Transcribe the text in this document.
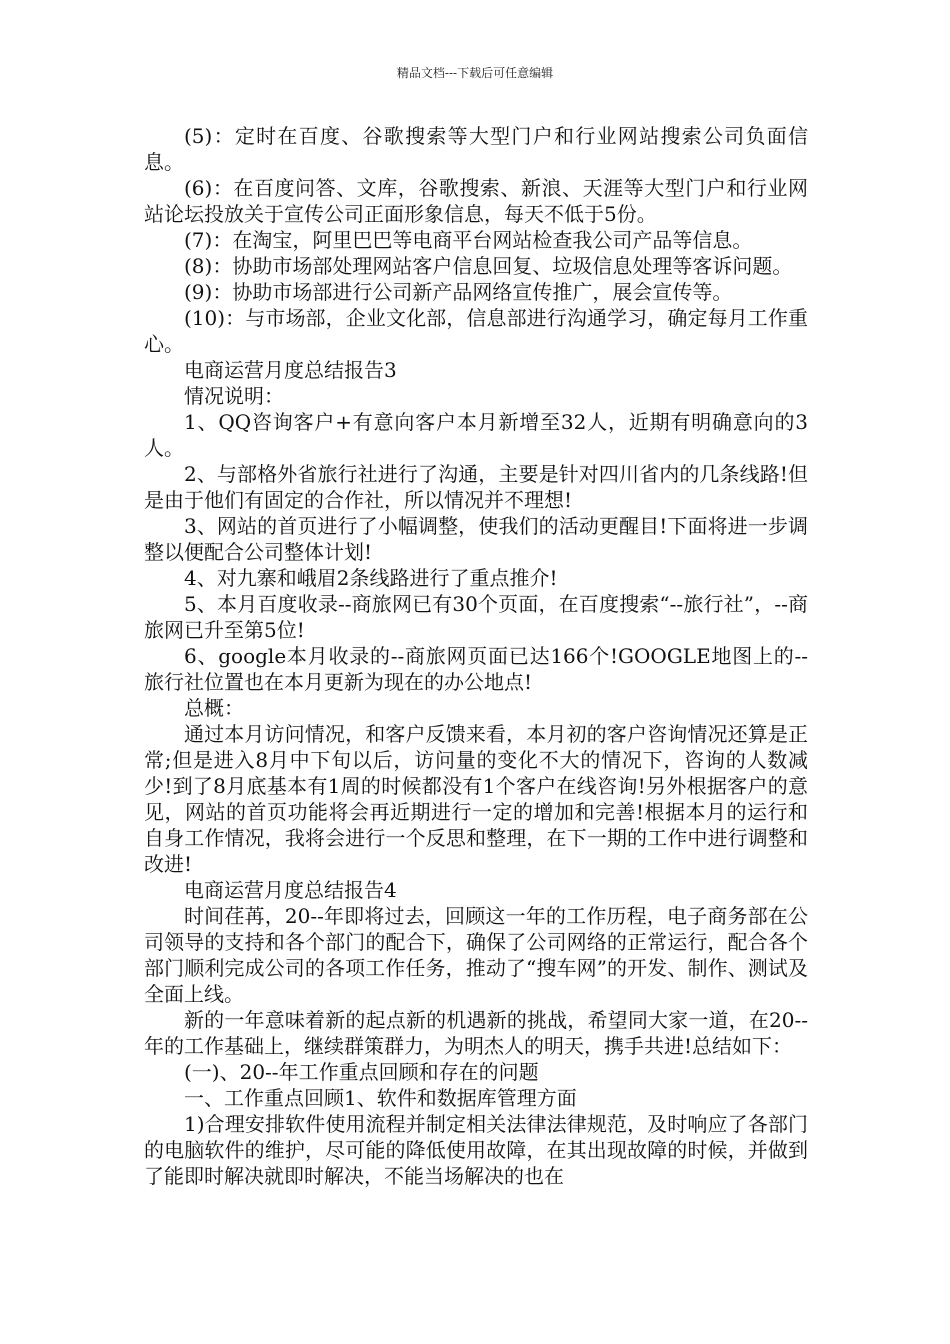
精品文档---下载后可任意编辑

(5)：定时在百度、谷歌搜索等大型门户和行业网站搜索公司负面信息。

(6)：在百度问答、文库，谷歌搜索、新浪、天涯等大型门户和行业网站论坛投放关于宣传公司正面形象信息，每天不低于5份。

(7)：在淘宝，阿里巴巴等电商平台网站检查我公司产品等信息。

(8)：协助市场部处理网站客户信息回复、垃圾信息处理等客诉问题。

(9)：协助市场部进行公司新产品网络宣传推广，展会宣传等。

(10)：与市场部，企业文化部，信息部进行沟通学习，确定每月工作重心。

电商运营月度总结报告3

情况说明：

1、QQ咨询客户+有意向客户本月新增至32人，近期有明确意向的3人。

2、与部格外省旅行社进行了沟通，主要是针对四川省内的几条线路!但是由于他们有固定的合作社，所以情况并不理想!

3、网站的首页进行了小幅调整，使我们的活动更醒目!下面将进一步调整以便配合公司整体计划!

4、对九寨和峨眉2条线路进行了重点推介!

5、本月百度收录--商旅网已有30个页面，在百度搜索“--旅行社”，--商旅网已升至第5位!

6、google本月收录的--商旅网页面已达166个!GOOGLE地图上的--旅行社位置也在本月更新为现在的办公地点!

总概：

通过本月访问情况，和客户反馈来看，本月初的客户咨询情况还算是正常;但是进入8月中下旬以后，访问量的变化不大的情况下，咨询的人数减少!到了8月底基本有1周的时候都没有1个客户在线咨询!另外根据客户的意见，网站的首页功能将会再近期进行一定的增加和完善!根据本月的运行和自身工作情况，我将会进行一个反思和整理，在下一期的工作中进行调整和改进!

电商运营月度总结报告4

时间荏苒，20--年即将过去，回顾这一年的工作历程，电子商务部在公司领导的支持和各个部门的配合下，确保了公司网络的正常运行，配合各个部门顺利完成公司的各项工作任务，推动了“搜车网”的开发、制作、测试及全面上线。

新的一年意味着新的起点新的机遇新的挑战，希望同大家一道，在20--年的工作基础上，继续群策群力，为明杰人的明天，携手共进!总结如下：

(一)、20--年工作重点回顾和存在的问题

一、工作重点回顾1、软件和数据库管理方面

1)合理安排软件使用流程并制定相关法律法律规范，及时响应了各部门的电脑软件的维护，尽可能的降低使用故障，在其出现故障的时候，并做到了能即时解决就即时解决，不能当场解决的也在
